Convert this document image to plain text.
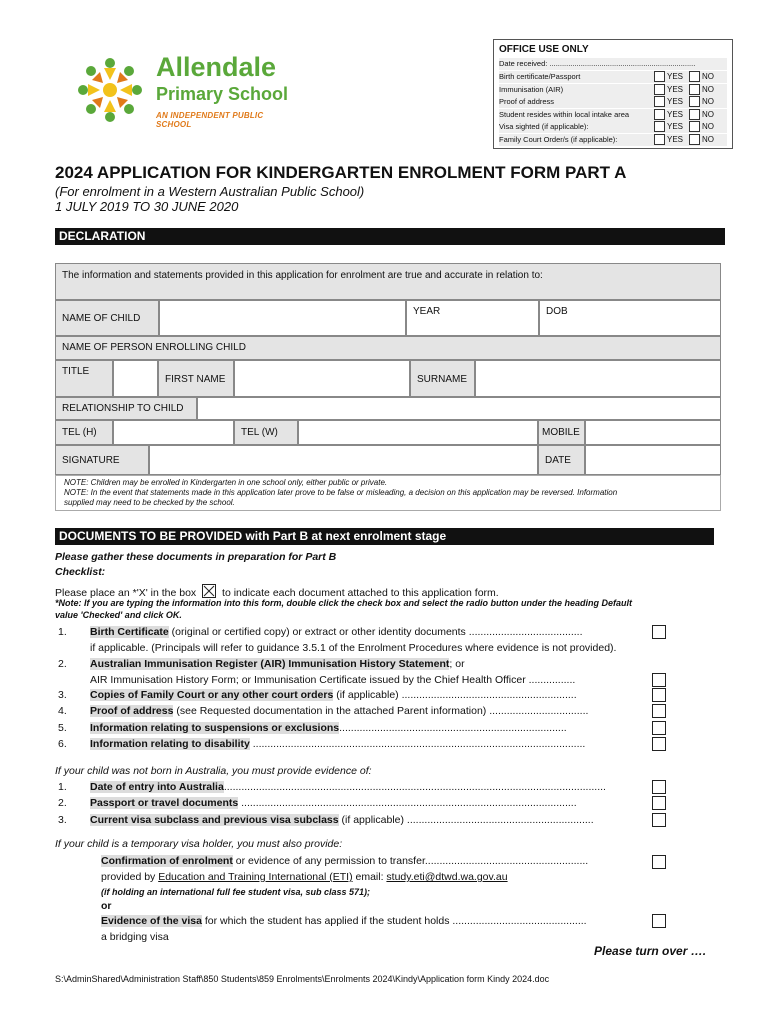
Allendale
Primary School
AN INDEPENDENT PUBLIC SCHOOL
OFFICE USE ONLY
Date received: ......................................................................
Birth certificate/Passport	YES NO
Immunisation (AIR)	YES NO
Proof of address	YES NO
Student resides within local intake area	YES NO
Visa sighted (if applicable):	YES NO
Family Court Order/s (if applicable):	YES NO
2024 APPLICATION FOR KINDERGARTEN ENROLMENT FORM PART A
(For enrolment in a Western Australian Public School)
1 JULY 2019 TO 30 JUNE 2020
DECLARATION
The information and statements provided in this application for enrolment are true and accurate in relation to:
NAME OF CHILD
YEAR	DOB
NAME OF PERSON ENROLLING CHILD
TITLE
FIRST NAME	SURNAME
RELATIONSHIP TO CHILD
TEL (H)	TEL (W)	MOBILE
SIGNATURE	DATE
NOTE: Children may be enrolled in Kindergarten in one school only, either public or private.
NOTE: In the event that statements made in this application later prove to be false or misleading, a decision on this application may be reversed. Information
supplied may need to be checked by the school.
DOCUMENTS TO BE PROVIDED with Part B at next enrolment stage
Please gather these documents in preparation for Part B
Checklist:
Please place an *'X' in the box to indicate each document attached to this application form.
*Note: If you are typing the information into this form, double click the check box and select the radio button under the heading Default
value 'Checked' and click OK.
If your child was not born in Australia, you must provide evidence of:
If your child is a temporary visa holder, you must also provide:
Confirmation of enrolment or evidence of any permission to transfer........................................................
provided by Education and Training International (ETI) email: study.eti@dtwd.wa.gov.au
(if holding an international full fee student visa, sub class 571);
or
Evidence of the visa for which the student has applied if the student holds ..............................................
a bridging visa
Please turn over ….
S:\AdminShared\Administration Staff\850 Students\859 Enrolments\Enrolments 2024\Kindy\Application form Kindy 2024.doc
1. Birth Certificate (original or certified copy) or extract or other identity documents .......................................
if applicable. (Principals will refer to guidance 3.5.1 of the Enrolment Procedures where evidence is not provided).
2. Australian Immunisation Register (AIR) Immunisation History Statement; or
AIR Immunisation History Form; or Immunisation Certificate issued by the Chief Health Officer ................
3. Copies of Family Court or any other court orders (if applicable) ............................................................
4. Proof of address (see Requested documentation in the attached Parent information) ..................................
5. Information relating to suspensions or exclusions..............................................................................
6. Information relating to disability ..................................................................................................................
1. Date of entry into Australia...................................................................................................................................
2. Passport or travel documents ...................................................................................................................
3. Current visa subclass and previous visa subclass (if applicable) ................................................................
